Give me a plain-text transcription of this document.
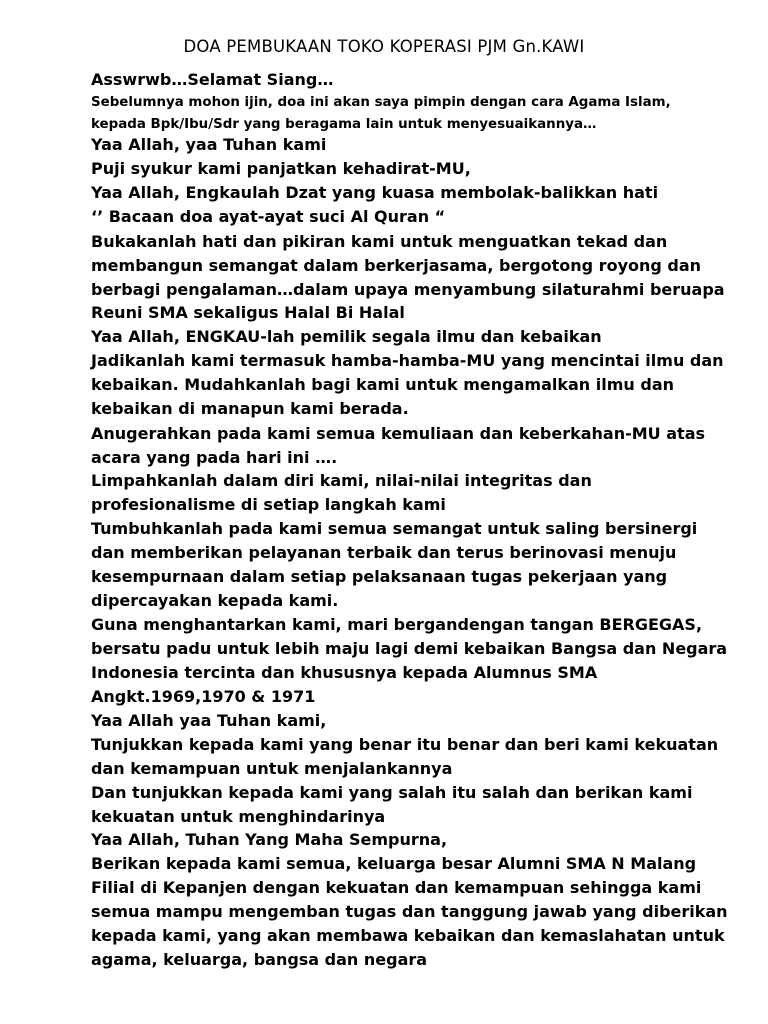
DOA PEMBUKAAN TOKO KOPERASI PJM Gn.KAWI
Asswrwb…Selamat Siang…
Sebelumnya mohon ijin, doa ini akan saya pimpin dengan cara Agama Islam,
kepada Bpk/Ibu/Sdr yang beragama lain untuk menyesuaikannya…
Yaa Allah, yaa Tuhan kami
Puji syukur kami panjatkan kehadirat-MU,
Yaa Allah, Engkaulah Dzat yang kuasa membolak-balikkan hati
‘’ Bacaan doa ayat-ayat suci Al Quran “
Bukakanlah hati dan pikiran kami untuk menguatkan tekad dan
membangun semangat dalam berkerjasama, bergotong royong dan
berbagi pengalaman…dalam upaya menyambung silaturahmi beruapa
Reuni SMA sekaligus Halal Bi Halal
Yaa Allah, ENGKAU-lah pemilik segala ilmu dan kebaikan
Jadikanlah kami termasuk hamba-hamba-MU yang mencintai ilmu dan
kebaikan. Mudahkanlah bagi kami untuk mengamalkan ilmu dan
kebaikan di manapun kami berada.
Anugerahkan pada kami semua kemuliaan dan keberkahan-MU atas
acara yang pada hari ini ….
Limpahkanlah dalam diri kami, nilai-nilai integritas dan
profesionalisme di setiap langkah kami
Tumbuhkanlah pada kami semua semangat untuk saling bersinergi
dan memberikan pelayanan terbaik dan terus berinovasi menuju
kesempurnaan dalam setiap pelaksanaan tugas pekerjaan yang
dipercayakan kepada kami.
Guna menghantarkan kami, mari bergandengan tangan BERGEGAS,
bersatu padu untuk lebih maju lagi demi kebaikan Bangsa dan Negara
Indonesia tercinta dan khususnya kepada Alumnus SMA
Angkt.1969,1970 & 1971
Yaa Allah yaa Tuhan kami,
Tunjukkan kepada kami yang benar itu benar dan beri kami kekuatan
dan kemampuan untuk menjalankannya
Dan tunjukkan kepada kami yang salah itu salah dan berikan kami
kekuatan untuk menghindarinya
Yaa Allah, Tuhan Yang Maha Sempurna,
Berikan kepada kami semua, keluarga besar Alumni SMA N Malang
Filial di Kepanjen dengan kekuatan dan kemampuan sehingga kami
semua mampu mengemban tugas dan tanggung jawab yang diberikan
kepada kami, yang akan membawa kebaikan dan kemaslahatan untuk
agama, keluarga, bangsa dan negara
